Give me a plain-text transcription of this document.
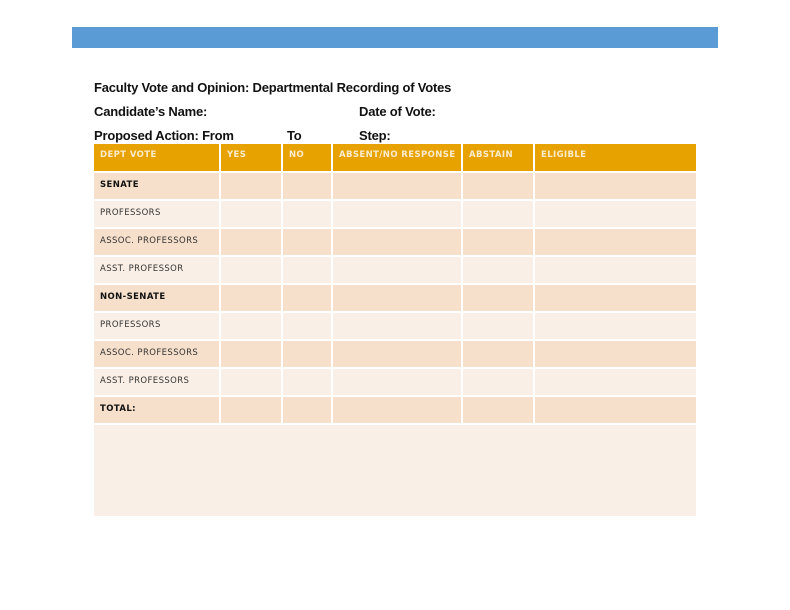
Faculty Vote and Opinion: Departmental Recording of Votes
Candidate’s Name:	Date of Vote:
Proposed Action: From	To	Step:
DEPT VOTE	YES	NO	ABSENT/NO RESPONSE	ABSTAIN	ELIGIBLE
SENATE					
PROFESSORS					
ASSOC. PROFESSORS					
ASST. PROFESSOR					
NON-SENATE					
PROFESSORS					
ASSOC. PROFESSORS					
ASST. PROFESSORS					
TOTAL:					
